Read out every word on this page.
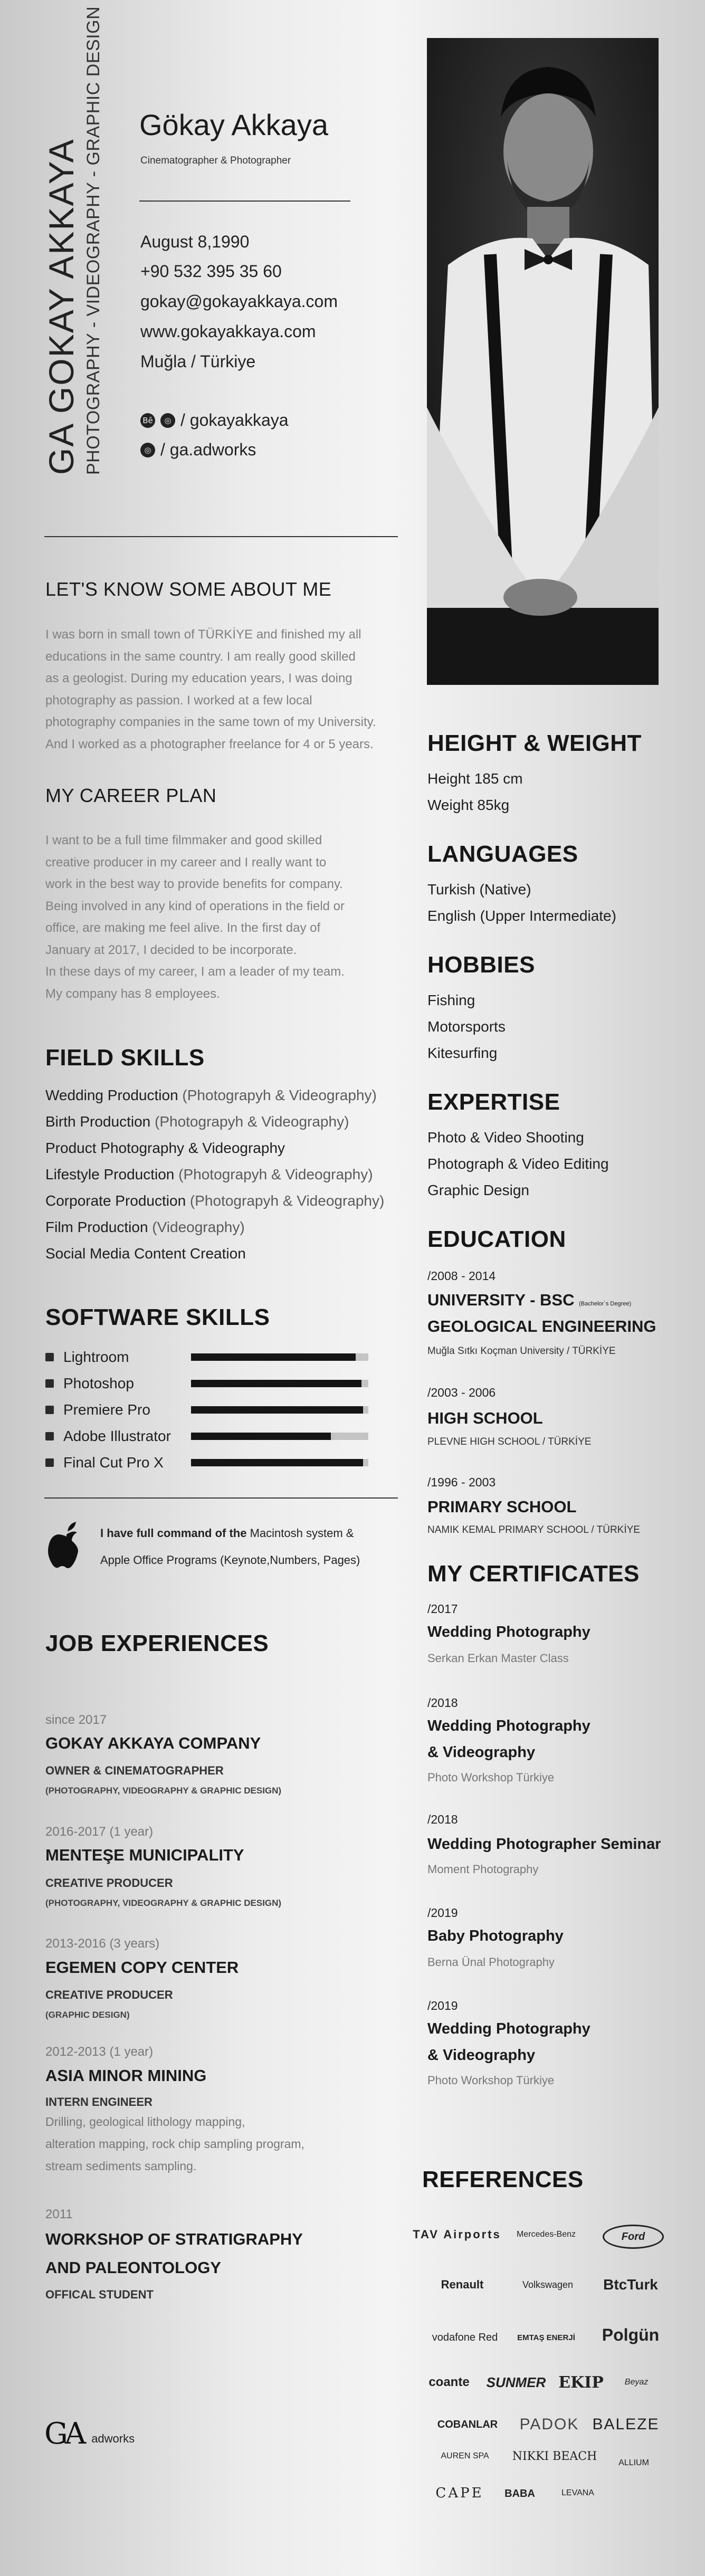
GA GOKAY AKKAYA PHOTOGRAPHY - VIDEOGRAPHY - GRAPHIC DESIGN Gökay Akkaya
Cinematographer & Photographer
August 8,1990
+90 532 395 35 60
gokay@gokayakkaya.com
www.gokayakkaya.com
Muğla / Türkiye
Bē	◎ / gokayakkaya
◎ / ga.adworks
LET'S KNOW SOME ABOUT ME
I was born in small town of TÜRKİYE and finished my all
educations in the same country. I am really good skilled
as a geologist. During my education years, I was doing
photography as passion. I worked at a few local
photography companies in the same town of my University.
And I worked as a photographer freelance for 4 or 5 years.
MY CAREER PLAN
I want to be a full time filmmaker and good skilled
creative producer in my career and I really want to
work in the best way to provide benefits for company.
Being involved in any kind of operations in the field or
office, are making me feel alive. In the first day of
January at 2017, I decided to be incorporate.
In these days of my career, I am a leader of my team.
My company has 8 employees.
FIELD SKILLS
Wedding Production (Photograpyh & Videography)
Birth Production (Photograpyh & Videography)
Product Photography & Videography
Lifestyle Production (Photograpyh & Videography)
Corporate Production (Photograpyh & Videography)
Film Production (Videography)
Social Media Content Creation
SOFTWARE SKILLS
Lightroom
Photoshop
Premiere Pro
Adobe Illustrator
Final Cut Pro X
I have full command of the Macintosh system &
Apple Office Programs (Keynote,Numbers, Pages)
JOB EXPERIENCES
since 2017
GOKAY AKKAYA COMPANY
OWNER & CINEMATOGRAPHER
(PHOTOGRAPHY, VIDEOGRAPHY & GRAPHIC DESIGN)
2016-2017 (1 year)
MENTEŞE MUNICIPALITY
CREATIVE PRODUCER
(PHOTOGRAPHY, VIDEOGRAPHY & GRAPHIC DESIGN)
2013-2016 (3 years)
EGEMEN COPY CENTER
CREATIVE PRODUCER
(GRAPHIC DESIGN)
2012-2013 (1 year)
ASIA MINOR MINING
INTERN ENGINEER
Drilling, geological lithology mapping,
alteration mapping, rock chip sampling program,
stream sediments sampling.
2011
WORKSHOP OF STRATIGRAPHY
AND PALEONTOLOGY
OFFICAL STUDENT
GA adworks
HEIGHT & WEIGHT
Height 185 cm
Weight 85kg
LANGUAGES
Turkish (Native)
English (Upper Intermediate)
HOBBIES
Fishing
Motorsports
Kitesurfing
EXPERTISE
Photo & Video Shooting
Photograph & Video Editing
Graphic Design
EDUCATION
/2008 - 2014
UNIVERSITY - BSC (Bachelor`s Degree)
GEOLOGICAL ENGINEERING
Muğla Sıtkı Koçman University / TÜRKİYE
/2003 - 2006
HIGH SCHOOL
PLEVNE HIGH SCHOOL / TÜRKİYE
/1996 - 2003
PRIMARY SCHOOL
NAMIK KEMAL PRIMARY SCHOOL / TÜRKİYE
MY CERTIFICATES
/2017
Wedding Photography
Serkan Erkan Master Class
/2018
Wedding Photography
& Videography
Photo Workshop Türkiye
/2018
Wedding Photographer Seminar
Moment Photography
/2019
Baby Photography
Berna Ünal Photography
/2019
Wedding Photography
& Videography
Photo Workshop Türkiye
REFERENCES
TAV Airports	Mercedes-Benz	Ford
Renault	Volkswagen	BtcTurk
vodafone Red	EMTAŞ ENERJİ	Polgün
coante	SUNMER EKIP	Beyaz
COBANLAR	PADOK BALEZE
AUREN SPA	NIKKI BEACH	ALLIUM
CAPE	BABA	LEVANA
